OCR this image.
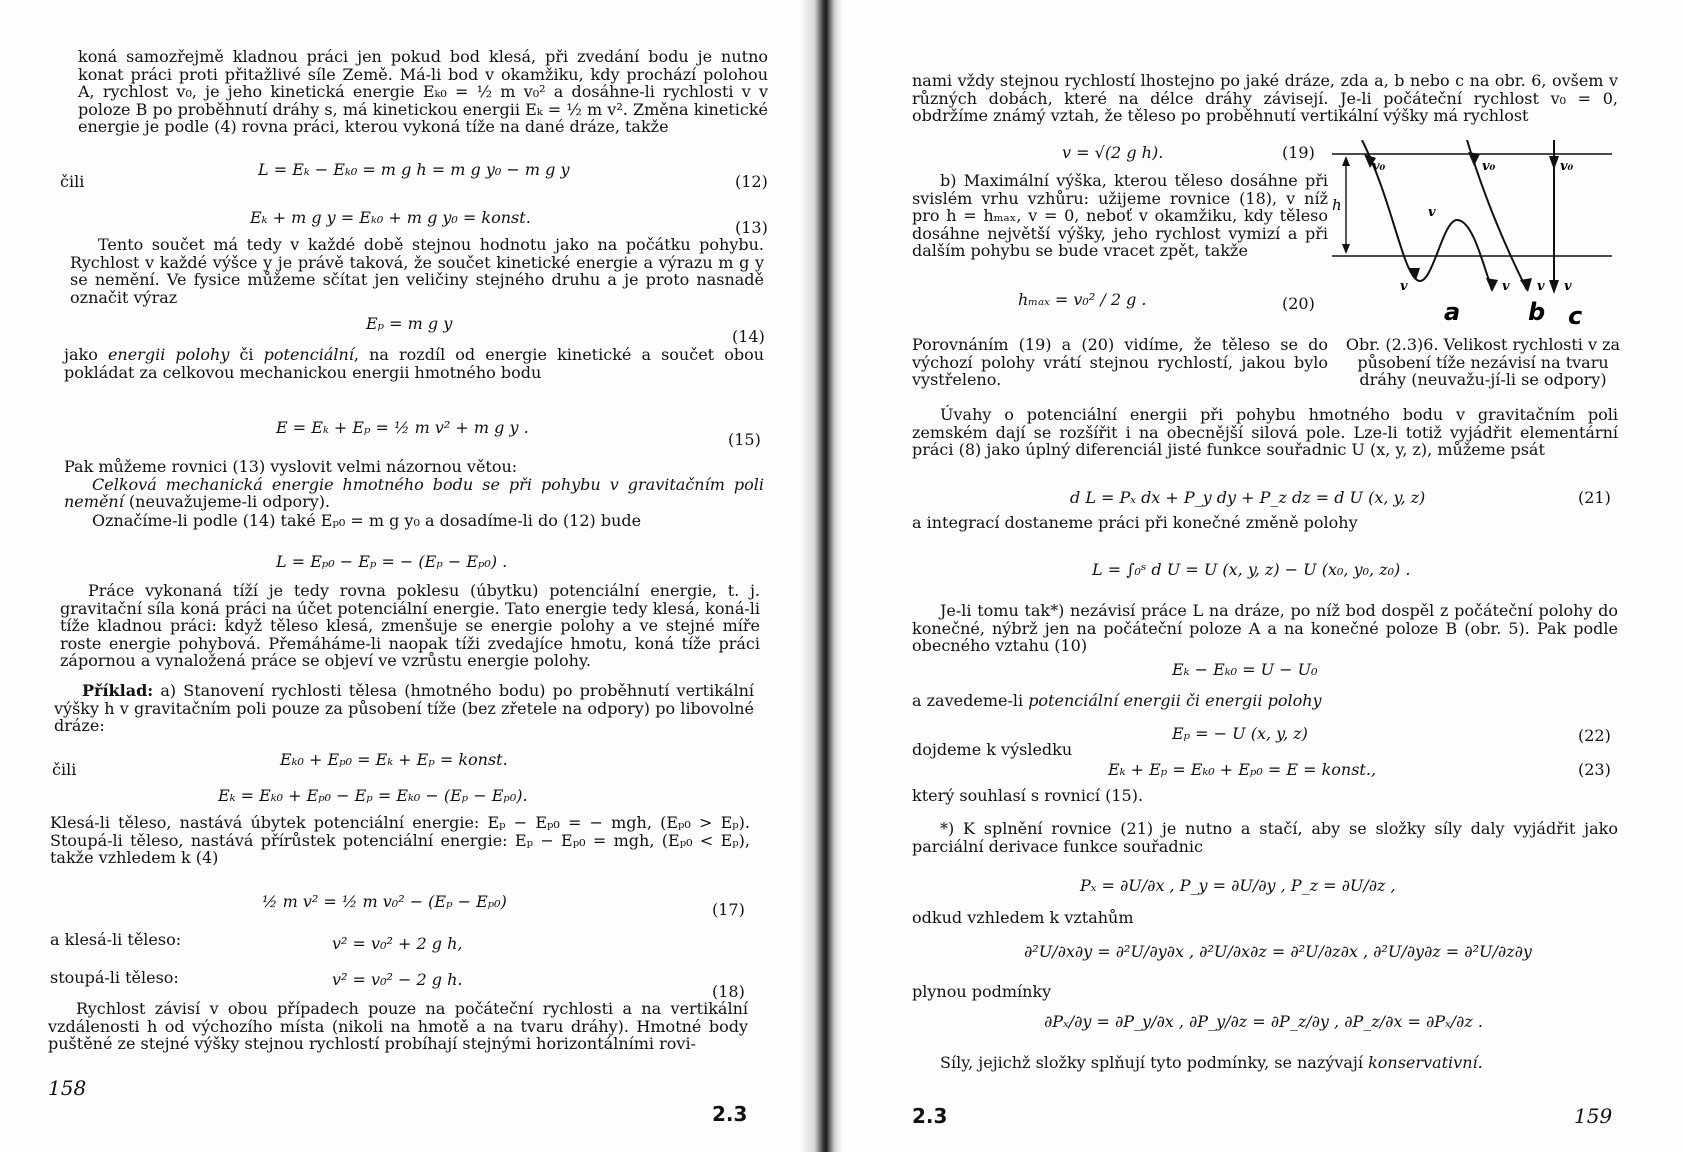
koná samozřejmě kladnou práci jen pokud bod klesá, při zvedání bodu je nutno konat práci proti přitažlivé síle Země. Má-li bod v okamžiku, kdy prochází polohou A, rychlost v₀, je jeho kinetická energie Eₖ₀ = ½ m v₀² a dosáhne-li rychlosti v v poloze B po proběhnutí dráhy s, má kinetickou energii Eₖ = ½ m v². Změna kinetické energie je podle (4) rovna práci, kterou vykoná tíže na dané dráze, takže

L = Eₖ − Eₖ₀ = m g h = m g y₀ − m g y
čili	(12)
Eₖ + m g y = Eₖ₀ + m g y₀ = konst.
(13)

Tento součet má tedy v každé době stejnou hodnotu jako na počátku pohybu. Rychlost v každé výšce y je právě taková, že součet kinetické energie a výrazu m g y se nemění. Ve fysice můžeme sčítat jen veličiny stejného druhu a je proto nasnadě označit výraz

Eₚ = m g y
(14)

jako energii polohy či potenciální, na rozdíl od energie kinetické a součet obou pokládat za celkovou mechanickou energii hmotného bodu

E = Eₖ + Eₚ = ½ m v² + m g y .
(15)

Pak můžeme rovnici (13) vyslovit velmi názornou větou:

Celková mechanická energie hmotného bodu se při pohybu v gravitačním poli nemění (neuvažujeme-li odpory).

Označíme-li podle (14) také Eₚ₀ = m g y₀ a dosadíme-li do (12) bude

L = Eₚ₀ − Eₚ = − (Eₚ − Eₚ₀) .

Práce vykonaná tíží je tedy rovna poklesu (úbytku) potenciální energie, t. j. gravitační síla koná práci na účet potenciální energie. Tato energie tedy klesá, koná-li tíže kladnou práci: když těleso klesá, zmenšuje se energie polohy a ve stejné míře roste energie pohybová. Přemáháme-li naopak tíži zvedajíce hmotu, koná tíže práci zápornou a vynaložená práce se objeví ve vzrůstu energie polohy.

Příklad: a) Stanovení rychlosti tělesa (hmotného bodu) po proběhnutí vertikální výšky h v gravitačním poli pouze za působení tíže (bez zřetele na odpory) po libovolné dráze:

Eₖ₀ + Eₚ₀ = Eₖ + Eₚ = konst.
čili
Eₖ = Eₖ₀ + Eₚ₀ − Eₚ = Eₖ₀ − (Eₚ − Eₚ₀).

Klesá-li těleso, nastává úbytek potenciální energie: Eₚ − Eₚ₀ = − mgh, (Eₚ₀ > Eₚ). Stoupá-li těleso, nastává přírůstek potenciální energie: Eₚ − Eₚ₀ = mgh, (Eₚ₀ < Eₚ), takže vzhledem k (4)

½ m v² = ½ m v₀² − (Eₚ − Eₚ₀)	(17)
a klesá-li těleso:	v² = v₀² + 2 g h,
stoupá-li těleso:	v² = v₀² − 2 g h.
(18)

Rychlost závisí v obou případech pouze na počáteční rychlosti a na vertikální vzdálenosti h od výchozího místa (nikoli na hmotě a na tvaru dráhy). Hmotné body puštěné ze stejné výšky stejnou rychlostí probíhají stejnými horizontálními rovi-

158
2.3

nami vždy stejnou rychlostí lhostejno po jaké dráze, zda a, b nebo c na obr. 6, ovšem v různých dobách, které na délce dráhy závisejí. Je-li počáteční rychlost v₀ = 0, obdržíme známý vztah, že těleso po proběhnutí vertikální výšky má rychlost

v = √(2 g h).	(19)

b) Maximální výška, kterou těleso dosáhne při svislém vrhu vzhůru: užijeme rovnice (18), v níž pro h = hₘₐₓ, v = 0, neboť v okamžiku, kdy těleso dosáhne největší výšky, jeho rychlost vymizí a při dalším pohybu se bude vracet zpět, takže

hₘₐₓ = v₀² / 2 g .	(20)

Porovnáním (19) a (20) vidíme, že těleso se do výchozí polohy vrátí stejnou rychlostí, jakou bylo vystřeleno.

h
v₀	v₀	v₀
v
v	v v v
a	b c
Obr. (2.3)6. Velikost rychlosti v za působení tíže nezávisí na tvaru dráhy (neuvažu-jí-li se odpory)

Úvahy o potenciální energii při pohybu hmotného bodu v gravitačním poli zemském dají se rozšířit i na obecnější silová pole. Lze-li totiž vyjádřit elementární práci (8) jako úplný diferenciál jisté funkce souřadnic U (x, y, z), můžeme psát

d L = Pₓ dx + P_y dy + P_z dz = d U (x, y, z)	(21)

a integrací dostaneme práci při konečné změně polohy

L = ∫₀ˢ d U = U (x, y, z) − U (x₀, y₀, z₀) .

Je-li tomu tak*) nezávisí práce L na dráze, po níž bod dospěl z počáteční polohy do konečné, nýbrž jen na počáteční poloze A a na konečné poloze B (obr. 5). Pak podle obecného vztahu (10)

Eₖ − Eₖ₀ = U − U₀

a zavedeme-li potenciální energii či energii polohy

Eₚ = − U (x, y, z)	(22)
dojdeme k výsledku
Eₖ + Eₚ = Eₖ₀ + Eₚ₀ = E = konst.,	(23)
který souhlasí s rovnicí (15).

*) K splnění rovnice (21) je nutno a stačí, aby se složky síly daly vyjádřit jako parciální derivace funkce souřadnic

Pₓ = ∂U/∂x , P_y = ∂U/∂y , P_z = ∂U/∂z ,
odkud vzhledem k vztahům
∂²U/∂x∂y = ∂²U/∂y∂x , ∂²U/∂x∂z = ∂²U/∂z∂x , ∂²U/∂y∂z = ∂²U/∂z∂y
plynou podmínky
∂Pₓ/∂y = ∂P_y/∂x , ∂P_y/∂z = ∂P_z/∂y , ∂P_z/∂x = ∂Pₓ/∂z .

Síly, jejichž složky splňují tyto podmínky, se nazývají konservativní.

2.3	159
